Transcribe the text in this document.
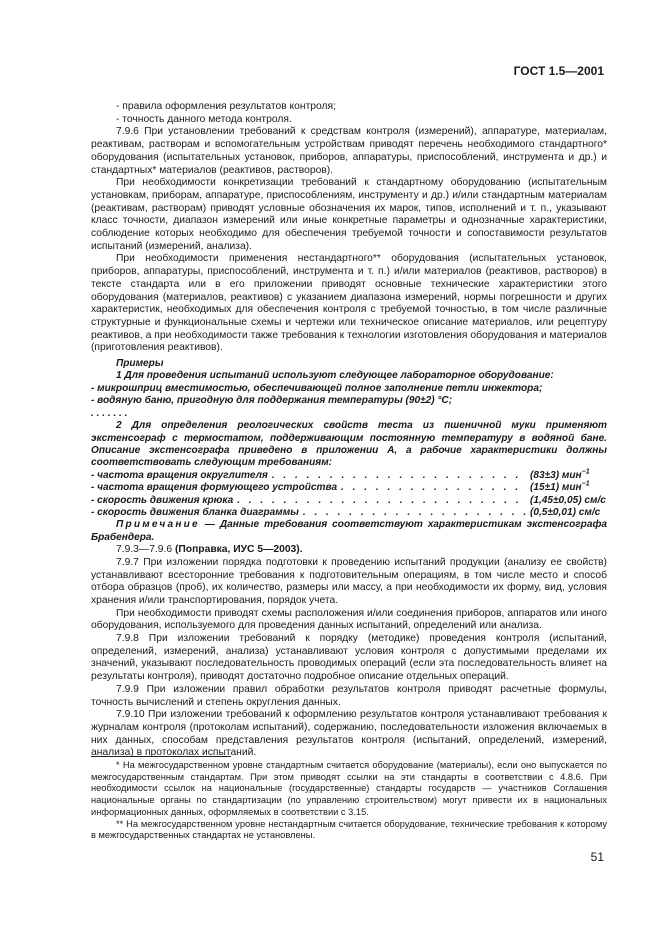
ГОСТ 1.5—2001

- правила оформления результатов контроля;

- точность данного метода контроля.

7.9.6 При установлении требований к средствам контроля (измерений), аппаратуре, материалам, реактивам, растворам и вспомогательным устройствам приводят перечень необходимого стандартного* оборудования (испытательных установок, приборов, аппаратуры, приспособлений, инструмента и др.) и стандартных* материалов (реактивов, растворов).

При необходимости конкретизации требований к стандартному оборудованию (испытательным установкам, приборам, аппаратуре, приспособлениям, инструменту и др.) и/или стандартным материалам (реактивам, растворам) приводят условные обозначения их марок, типов, исполнений и т. п., указывают класс точности, диапазон измерений или иные конкретные параметры и однозначные характеристики, соблюдение которых необходимо для обеспечения требуемой точности и сопоставимости результатов испытаний (измерений, анализа).

При необходимости применения нестандартного** оборудования (испытательных установок, приборов, аппаратуры, приспособлений, инструмента и т. п.) и/или материалов (реактивов, растворов) в тексте стандарта или в его приложении приводят основные технические характеристики этого оборудования (материалов, реактивов) с указанием диапазона измерений, нормы погрешности и других характеристик, необходимых для обеспечения контроля с требуемой точностью, в том числе различные структурные и функциональные схемы и чертежи или техническое описание материалов, или рецептуру реактивов, а при необходимости также требования к технологии изготовления оборудования и материалов (приготовления реактивов).

Примеры

1 Для проведения испытаний используют следующее лабораторное оборудование:

- микрошприц вместимостью, обеспечивающей полное заполнение петли инжектора;

- водяную баню, пригодную для поддержания температуры (90±2) °С;

. . . . . . .

2 Для определения реологических свойств теста из пшеничной муки применяют экстенсограф с термостатом, поддерживающим постоянную температуру в водяной бане. Описание экстенсографа приведено в приложении А, а рабочие характеристики должны соответствовать следующим требованиям:

- частота вращения округлителя . . .	(83±3) мин$^{-1}$
- частота вращения формующего устройства . . .	(15±1) мин$^{-1}$
- скорость движения крюка . . .	(1,45±0,05) см/с
- скорость движения бланка диаграммы . . .	(0,5±0,01) см/с

Примечание — Данные требования соответствуют характеристикам экстенсографа Брабендера.

7.9.3—7.9.6 (Поправка, ИУС 5—2003).

7.9.7 При изложении порядка подготовки к проведению испытаний продукции (анализу ее свойств) устанавливают всесторонние требования к подготовительным операциям, в том числе место и способ отбора образцов (проб), их количество, размеры или массу, а при необходимости их форму, вид, условия хранения и/или транспортирования, порядок учета.

При необходимости приводят схемы расположения и/или соединения приборов, аппаратов или иного оборудования, используемого для проведения данных испытаний, определений или анализа.

7.9.8 При изложении требований к порядку (методике) проведения контроля (испытаний, определений, измерений, анализа) устанавливают условия контроля с допустимыми пределами их значений, указывают последовательность проводимых операций (если эта последовательность влияет на результаты контроля), приводят достаточно подробное описание отдельных операций.

7.9.9 При изложении правил обработки результатов контроля приводят расчетные формулы, точность вычислений и степень округления данных.

7.9.10 При изложении требований к оформлению результатов контроля устанавливают требования к журналам контроля (протоколам испытаний), содержанию, последовательности изложения включаемых в них данных, способам представления результатов контроля (испытаний, определений, измерений, анализа) в протоколах испытаний.

* На межгосударственном уровне стандартным считается оборудование (материалы), если оно выпускается по межгосударственным стандартам. При этом приводят ссылки на эти стандарты в соответствии с 4.8.6. При необходимости ссылок на национальные (государственные) стандарты государств — участников Соглашения национальные органы по стандартизации (по управлению строительством) могут привести их в национальных информационных данных, оформляемых в соответствии с 3.15.

** На межгосударственном уровне нестандартным считается оборудование, технические требования к которому в межгосударственных стандартах не установлены.

51
